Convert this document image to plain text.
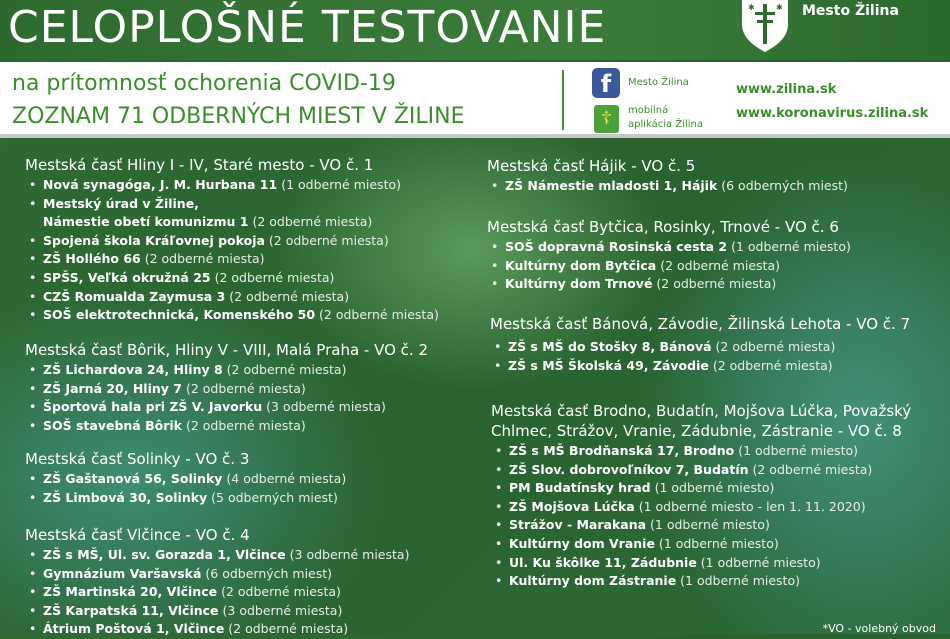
CELOPLOŠNÉ TESTOVANIE	✱	✱ Mesto Žilina
na prítomnosť ochorenia COVID-19
ZOZNAM 71 ODBERNÝCH MIEST V ŽILINE
f	Mesto Žilina
☦	mobilná
aplikácia Žilina
www.zilina.sk
www.koronavirus.zilina.sk
Mestská časť Hliny I - IV, Staré mesto - VO č. 1
• Nová synagóga, J. M. Hurbana 11 (1 odberné miesto)
• Mestský úrad v Žiline,
Námestie obetí komunizmu 1 (2 odberné miesta)
• Spojená škola Kráľovnej pokoja (2 odberné miesta)
• ZŠ Hollého 66 (2 odberné miesta)
• SPŠS, Veľká okružná 25 (2 odberné miesta)
• CZŠ Romualda Zaymusa 3 (2 odberné miesta)
• SOŠ elektrotechnická, Komenského 50 (2 odberné miesta)
Mestská časť Bôrik, Hliny V - VIII, Malá Praha - VO č. 2
• ZŠ Lichardova 24, Hliny 8 (2 odberné miesta)
• ZŠ Jarná 20, Hliny 7 (2 odberné miesta)
• Športová hala pri ZŠ V. Javorku (3 odberné miesta)
• SOŠ stavebná Bôrik (2 odberné miesta)
Mestská časť Solinky - VO č. 3
• ZŠ Gaštanová 56, Solinky (4 odberné miesta)
• ZŠ Limbová 30, Solinky (5 odberných miest)
Mestská časť Vlčince - VO č. 4
• ZŠ s MŠ, Ul. sv. Gorazda 1, Vlčince (3 odberné miesta)
• Gymnázium Varšavská (6 odberných miest)
• ZŠ Martinská 20, Vlčince (2 odberné miesta)
• ZŠ Karpatská 11, Vlčince (3 odberné miesta)
• Átrium Poštová 1, Vlčince (2 odberné miesta)
Mestská časť Hájik - VO č. 5
• ZŠ Námestie mladosti 1, Hájik (6 odberných miest)
Mestská časť Bytčica, Rosinky, Trnové - VO č. 6
• SOŠ dopravná Rosinská cesta 2 (1 odberné miesto)
• Kultúrny dom Bytčica (2 odberné miesta)
• Kultúrny dom Trnové (2 odberné miesta)
Mestská časť Bánová, Závodie, Žilinská Lehota - VO č. 7
• ZŠ s MŠ do Stošky 8, Bánová (2 odberné miesta)
• ZŠ s MŠ Školská 49, Závodie (2 odberné miesta)
Mestská časť Brodno, Budatín, Mojšova Lúčka, Považský
Chlmec, Strážov, Vranie, Zádubnie, Zástranie - VO č. 8
• ZŠ s MŠ Brodňanská 17, Brodno (1 odberné miesto)
• ZŠ Slov. dobrovoľníkov 7, Budatín (2 odberné miesta)
• PM Budatínsky hrad (1 odberné miesto)
• ZŠ Mojšova Lúčka (1 odberné miesto - len 1. 11. 2020)
• Strážov - Marakana (1 odberné miesto)
• Kultúrny dom Vranie (1 odberné miesto)
• Ul. Ku škôlke 11, Zádubnie (1 odberné miesto)
• Kultúrny dom Zástranie (1 odberné miesto)
*VO - volebný obvod
